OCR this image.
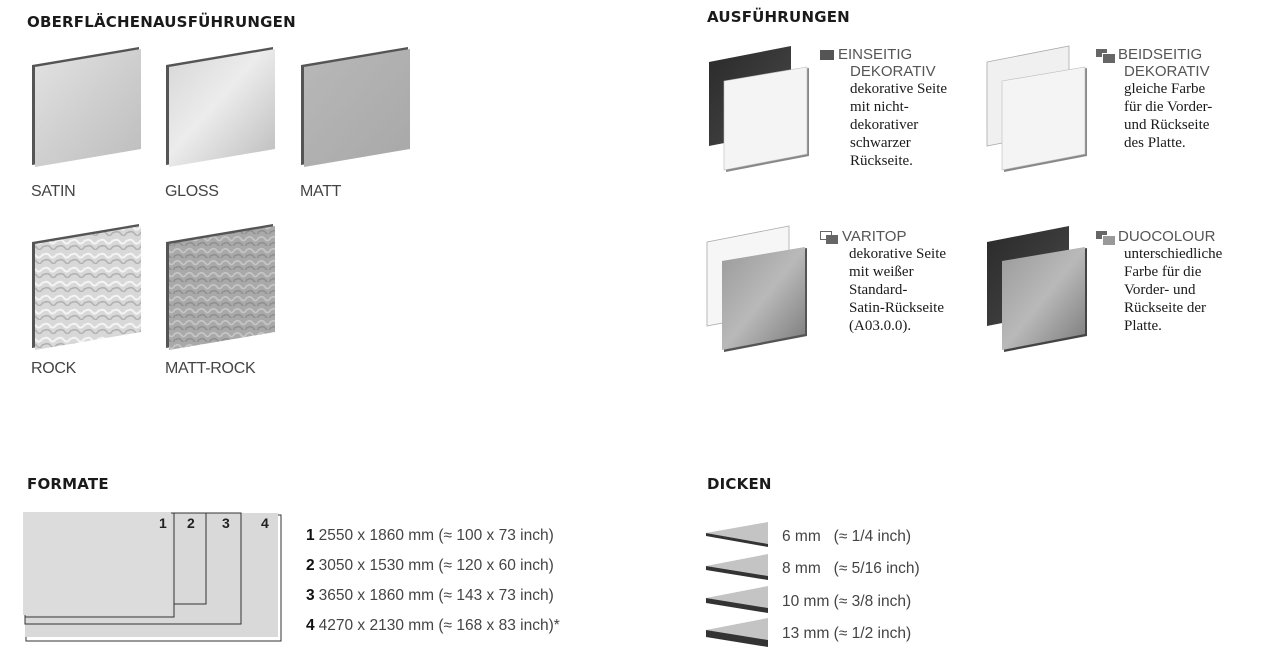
OBERFLÄCHENAUSFÜHRUNGEN
SATIN	GLOSS	MATT
ROCK	MATT-ROCK
AUSFÜHRUNGEN
EINSEITIG
DEKORATIV
dekorative Seite
mit nicht-
dekorativer
schwarzer
Rückseite.
BEIDSEITIG
DEKORATIV
gleiche Farbe
für die Vorder-
und Rückseite
des Platte.
VARITOP
dekorative Seite
mit weißer
Standard-
Satin-Rückseite
(A03.0.0).
DUOCOLOUR
unterschiedliche
Farbe für die
Vorder- und
Rückseite der
Platte.
FORMATE
1 2 3 4
1 2550 x 1860 mm (≈ 100 x 73 inch)
2 3050 x 1530 mm (≈ 120 x 60 inch)
3 3650 x 1860 mm (≈ 143 x 73 inch)
4 4270 x 2130 mm (≈ 168 x 83 inch)*
DICKEN
6 mm   (≈ 1/4 inch)
8 mm   (≈ 5/16 inch)
10 mm (≈ 3/8 inch)
13 mm (≈ 1/2 inch)
